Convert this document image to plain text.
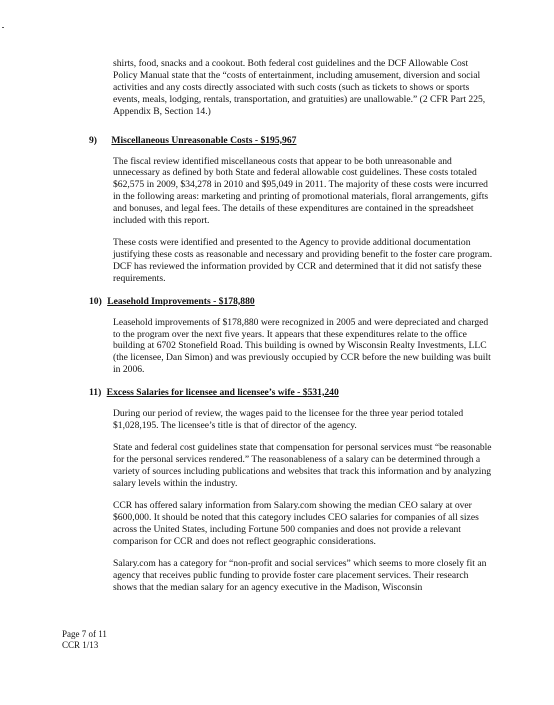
shirts, food, snacks and a cookout. Both federal cost guidelines and the DCF Allowable Cost Policy Manual state that the “costs of entertainment, including amusement, diversion and social activities and any costs directly associated with such costs (such as tickets to shows or sports events, meals, lodging, rentals, transportation, and gratuities) are unallowable.” (2 CFR Part 225, Appendix B, Section 14.)

9) Miscellaneous Unreasonable Costs - $195,967

The fiscal review identified miscellaneous costs that appear to be both unreasonable and unnecessary as defined by both State and federal allowable cost guidelines. These costs totaled $62,575 in 2009, $34,278 in 2010 and $95,049 in 2011. The majority of these costs were incurred in the following areas: marketing and printing of promotional materials, floral arrangements, gifts and bonuses, and legal fees. The details of these expenditures are contained in the spreadsheet included with this report.

These costs were identified and presented to the Agency to provide additional documentation justifying these costs as reasonable and necessary and providing benefit to the foster care program. DCF has reviewed the information provided by CCR and determined that it did not satisfy these requirements.

10) Leasehold Improvements - $178,880

Leasehold improvements of $178,880 were recognized in 2005 and were depreciated and charged to the program over the next five years. It appears that these expenditures relate to the office building at 6702 Stonefield Road. This building is owned by Wisconsin Realty Investments, LLC (the licensee, Dan Simon) and was previously occupied by CCR before the new building was built in 2006.

11) Excess Salaries for licensee and licensee’s wife - $531,240

During our period of review, the wages paid to the licensee for the three year period totaled $1,028,195. The licensee’s title is that of director of the agency.

State and federal cost guidelines state that compensation for personal services must “be reasonable for the personal services rendered.” The reasonableness of a salary can be determined through a variety of sources including publications and websites that track this information and by analyzing salary levels within the industry.

CCR has offered salary information from Salary.com showing the median CEO salary at over $600,000. It should be noted that this category includes CEO salaries for companies of all sizes across the United States, including Fortune 500 companies and does not provide a relevant comparison for CCR and does not reflect geographic considerations.

Salary.com has a category for “non-profit and social services” which seems to more closely fit an agency that receives public funding to provide foster care placement services. Their research shows that the median salary for an agency executive in the Madison, Wisconsin

Page 7 of 11
CCR 1/13
